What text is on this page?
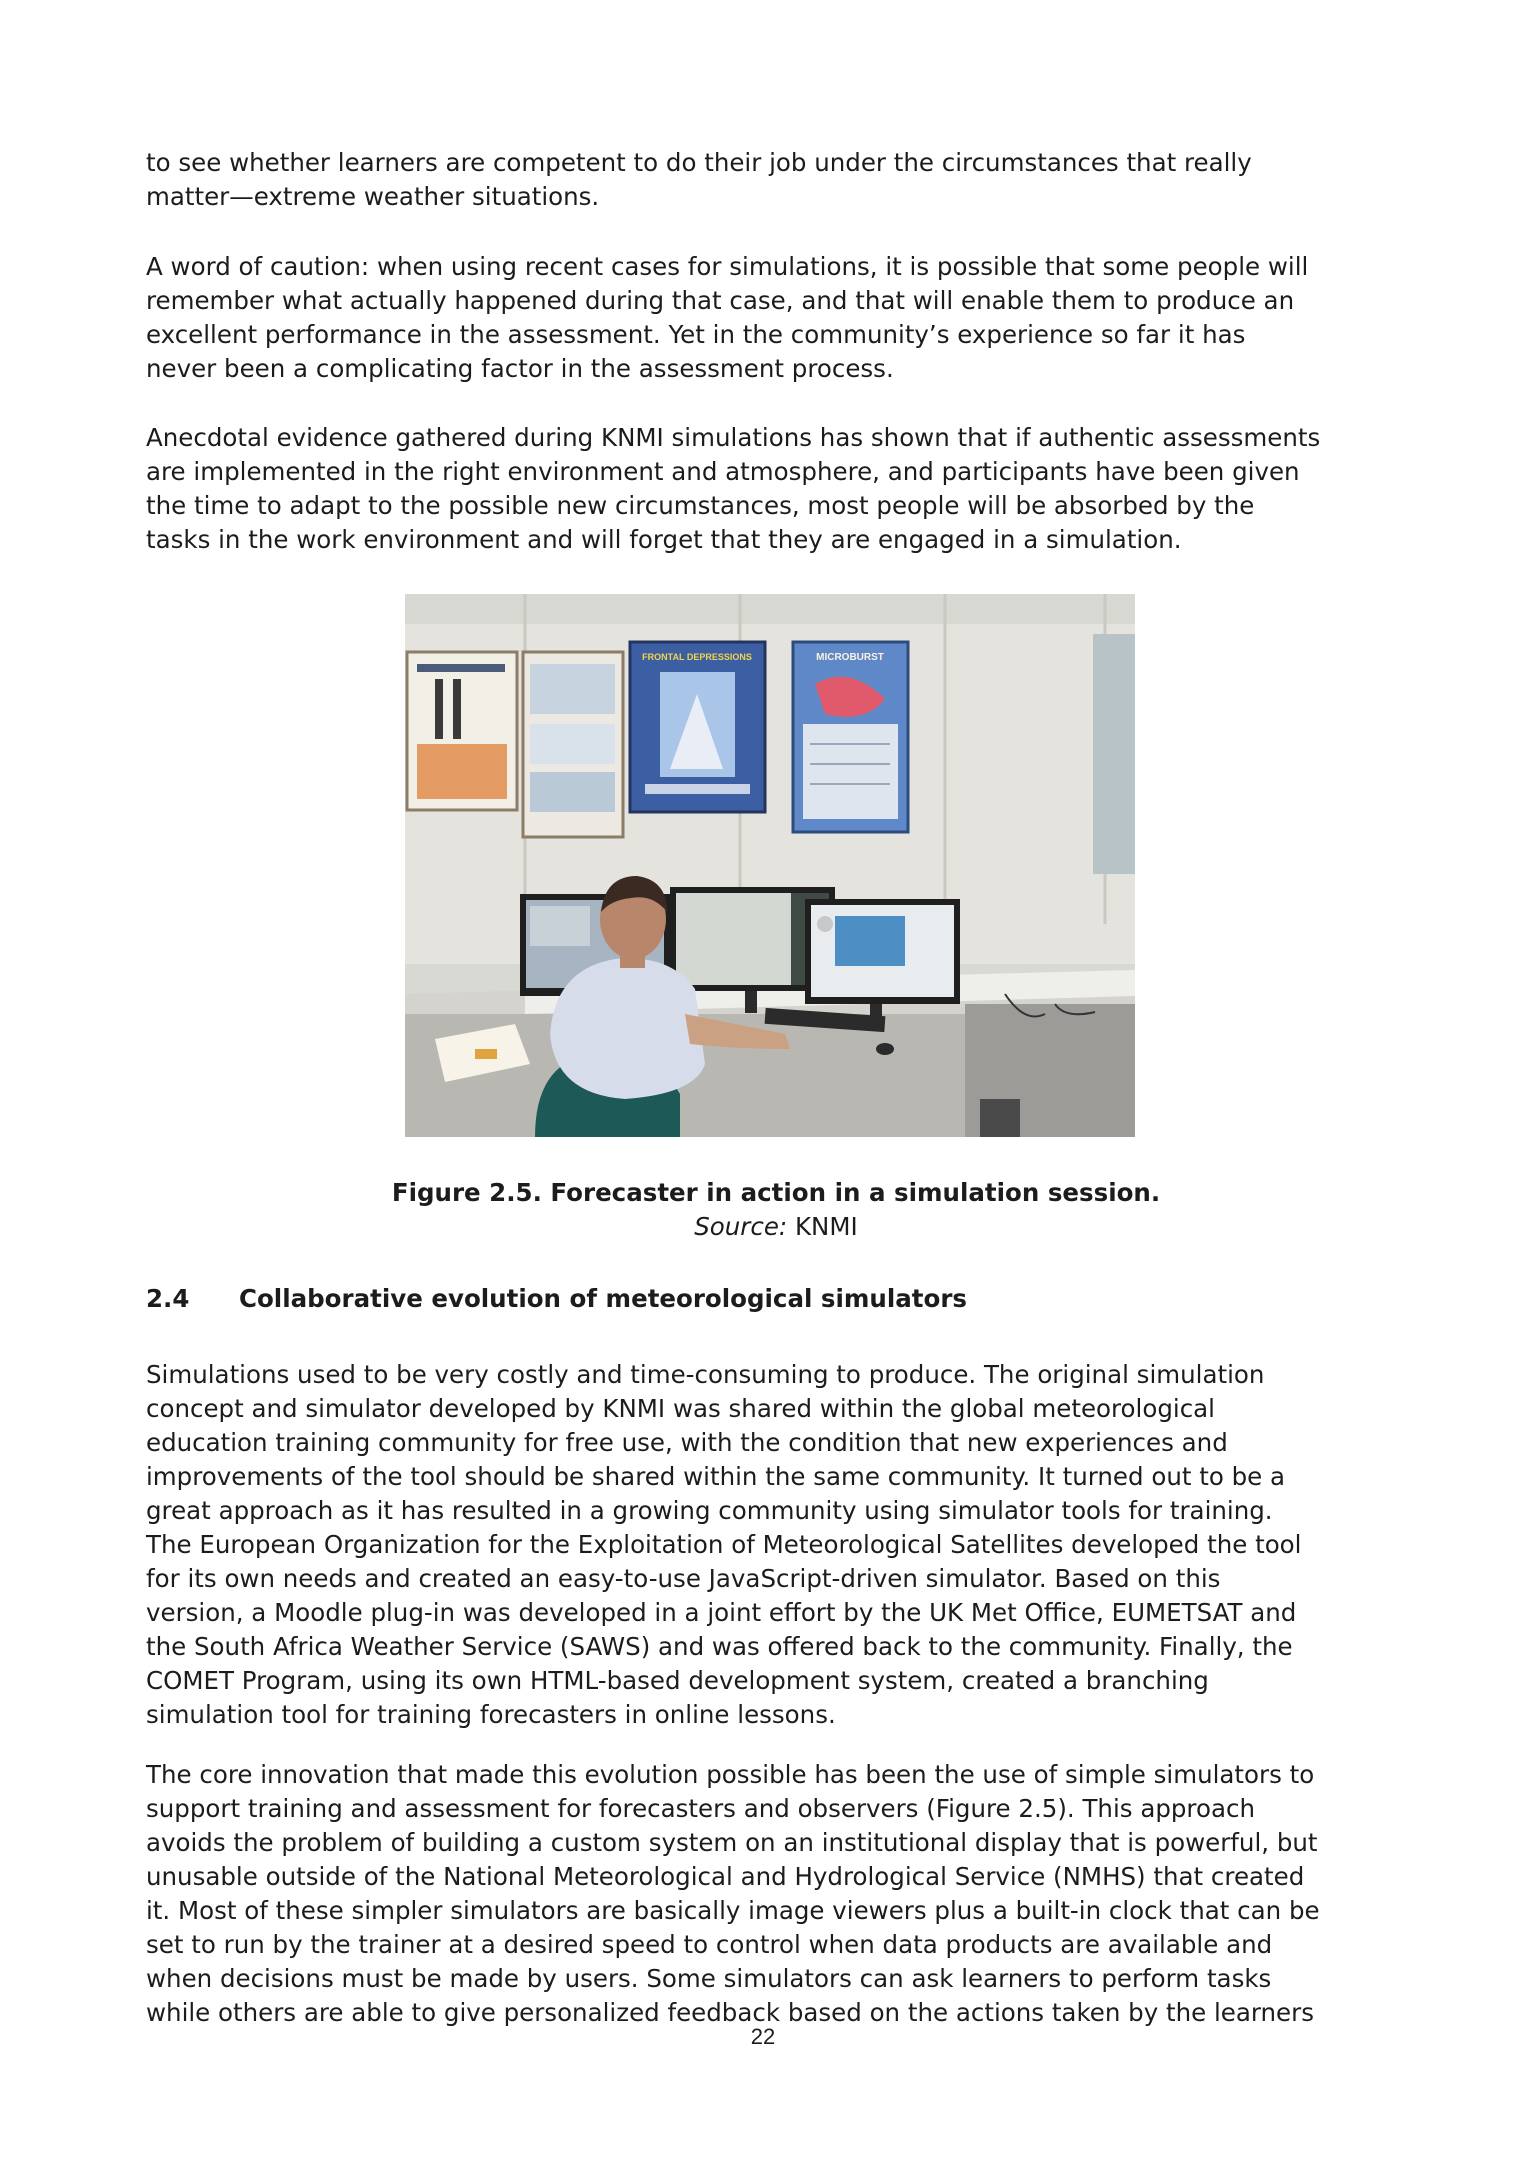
to see whether learners are competent to do their job under the circumstances that really
matter—extreme weather situations.

A word of caution: when using recent cases for simulations, it is possible that some people will
remember what actually happened during that case, and that will enable them to produce an
excellent performance in the assessment. Yet in the community’s experience so far it has
never been a complicating factor in the assessment process.

Anecdotal evidence gathered during KNMI simulations has shown that if authentic assessments
are implemented in the right environment and atmosphere, and participants have been given
the time to adapt to the possible new circumstances, most people will be absorbed by the
tasks in the work environment and will forget that they are engaged in a simulation.

FRONTAL DEPRESSIONS	MICROBURST
Figure 2.5. Forecaster in action in a simulation session.
Source: KNMI
2.4 Collaborative evolution of meteorological simulators

Simulations used to be very costly and time-consuming to produce. The original simulation
concept and simulator developed by KNMI was shared within the global meteorological
education training community for free use, with the condition that new experiences and
improvements of the tool should be shared within the same community. It turned out to be a
great approach as it has resulted in a growing community using simulator tools for training.
The European Organization for the Exploitation of Meteorological Satellites developed the tool
for its own needs and created an easy-to-use JavaScript-driven simulator. Based on this
version, a Moodle plug-in was developed in a joint effort by the UK Met Office, EUMETSAT and
the South Africa Weather Service (SAWS) and was offered back to the community. Finally, the
COMET Program, using its own HTML-based development system, created a branching
simulation tool for training forecasters in online lessons.

The core innovation that made this evolution possible has been the use of simple simulators to
support training and assessment for forecasters and observers (Figure 2.5). This approach
avoids the problem of building a custom system on an institutional display that is powerful, but
unusable outside of the National Meteorological and Hydrological Service (NMHS) that created
it. Most of these simpler simulators are basically image viewers plus a built-in clock that can be
set to run by the trainer at a desired speed to control when data products are available and
when decisions must be made by users. Some simulators can ask learners to perform tasks
while others are able to give personalized feedback based on the actions taken by the learners

22
